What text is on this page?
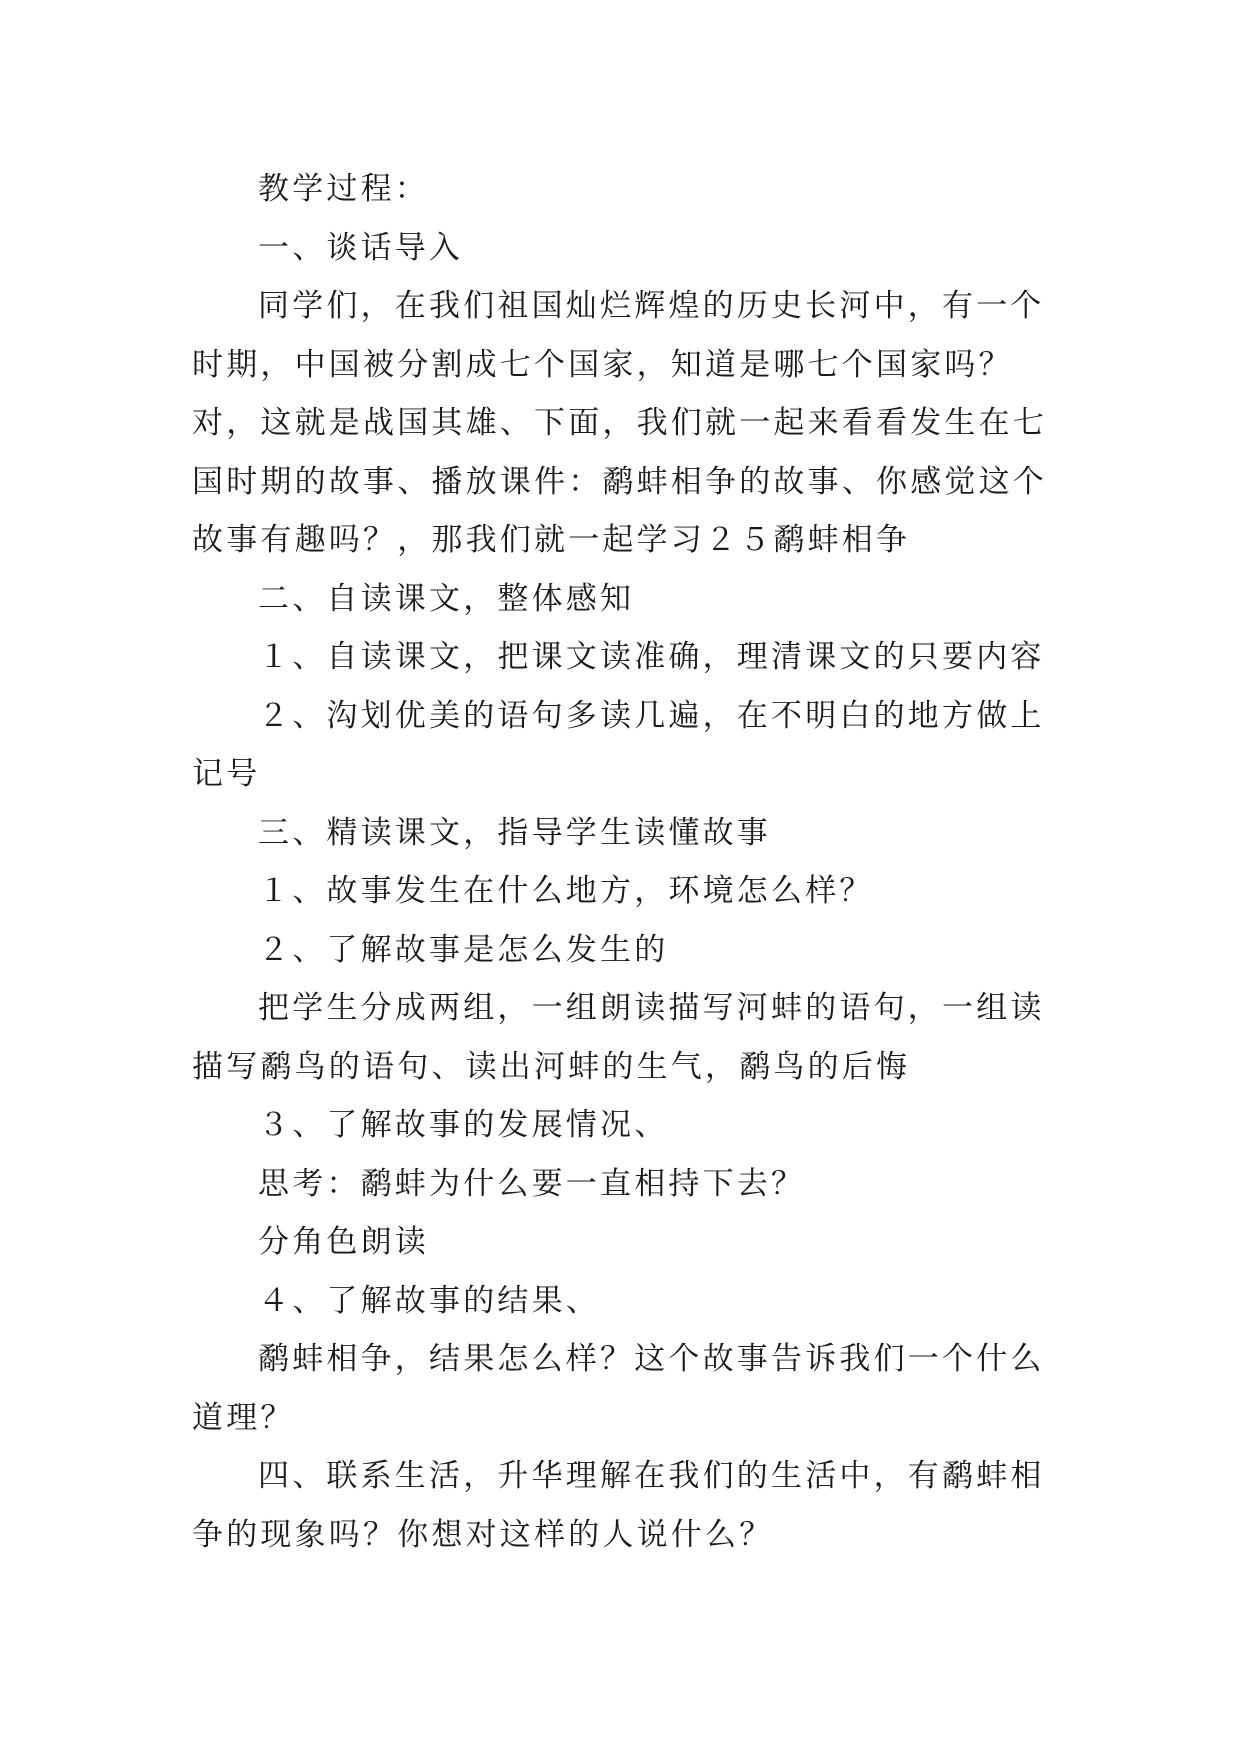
教学过程：

一、谈话导入

同学们，在我们祖国灿烂辉煌的历史长河中，有一个时期，中国被分割成七个国家，知道是哪七个国家吗？对，这就是战国其雄、下面，我们就一起来看看发生在七国时期的故事、播放课件：鹬蚌相争的故事、你感觉这个故事有趣吗？，那我们就一起学习２５鹬蚌相争

二、自读课文，整体感知

１、自读课文，把课文读准确，理清课文的只要内容

２、沟划优美的语句多读几遍，在不明白的地方做上记号

三、精读课文，指导学生读懂故事

１、故事发生在什么地方，环境怎么样？

２、了解故事是怎么发生的

把学生分成两组，一组朗读描写河蚌的语句，一组读描写鹬鸟的语句、读出河蚌的生气，鹬鸟的后悔

３、了解故事的发展情况、

思考：鹬蚌为什么要一直相持下去？

分角色朗读

４、了解故事的结果、

鹬蚌相争，结果怎么样？这个故事告诉我们一个什么道理？

四、联系生活，升华理解在我们的生活中，有鹬蚌相争的现象吗？你想对这样的人说什么？
